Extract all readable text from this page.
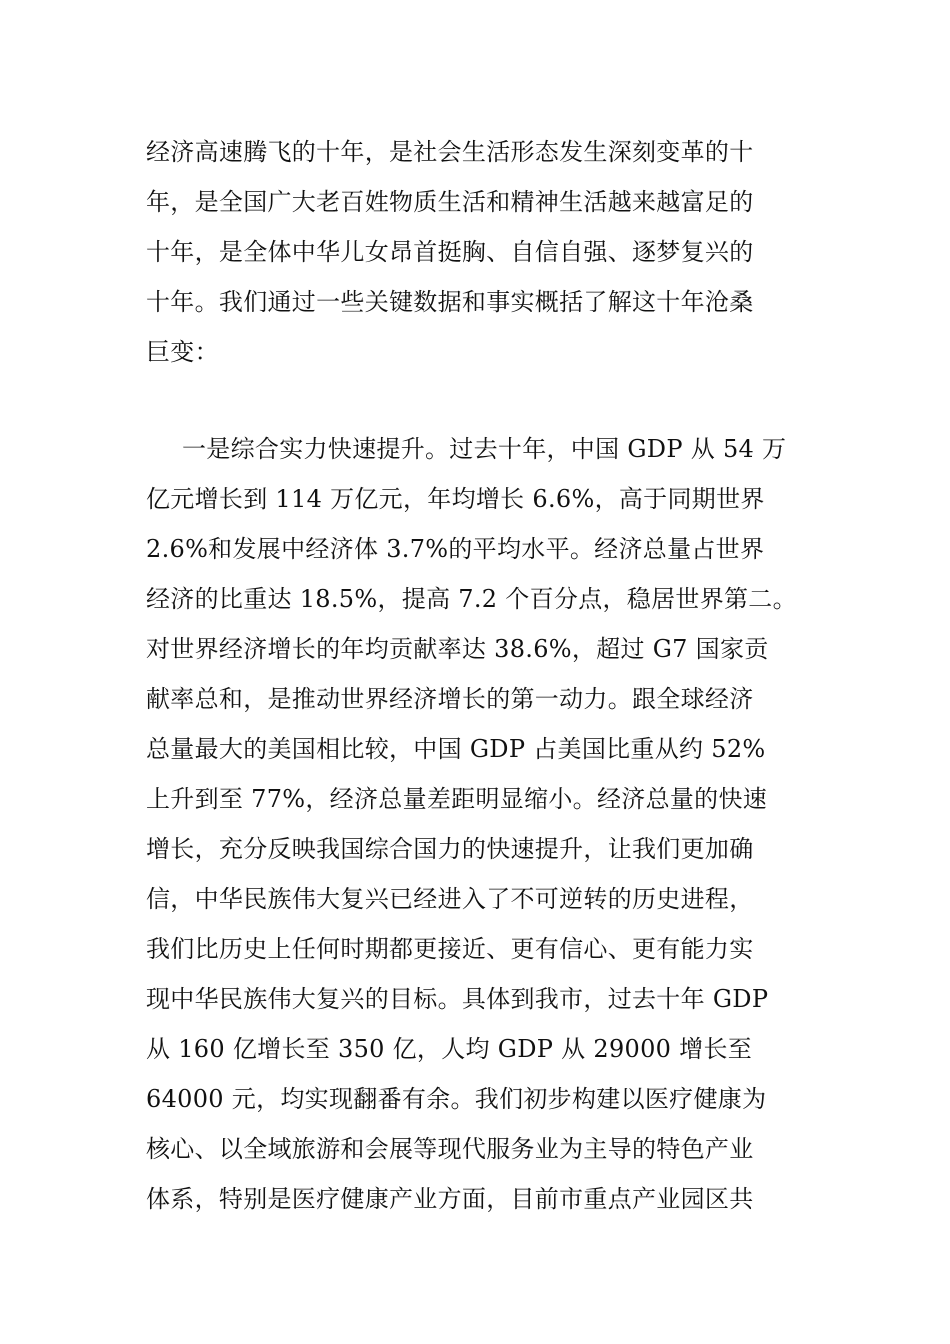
经济高速腾飞的十年，是社会生活形态发生深刻变革的十
年，是全国广大老百姓物质生活和精神生活越来越富足的
十年，是全体中华儿女昂首挺胸、自信自强、逐梦复兴的
十年。我们通过一些关键数据和事实概括了解这十年沧桑
巨变：
一是综合实力快速提升。过去十年，中国 GDP 从 54 万
亿元增长到 114 万亿元，年均增长 6.6%，高于同期世界
2.6%和发展中经济体 3.7%的平均水平。经济总量占世界
经济的比重达 18.5%，提高 7.2 个百分点，稳居世界第二。
对世界经济增长的年均贡献率达 38.6%，超过 G7 国家贡
献率总和，是推动世界经济增长的第一动力。跟全球经济
总量最大的美国相比较，中国 GDP 占美国比重从约 52%
上升到至 77%，经济总量差距明显缩小。经济总量的快速
增长，充分反映我国综合国力的快速提升，让我们更加确
信，中华民族伟大复兴已经进入了不可逆转的历史进程，
我们比历史上任何时期都更接近、更有信心、更有能力实
现中华民族伟大复兴的目标。具体到我市，过去十年 GDP
从 160 亿增长至 350 亿，人均 GDP 从 29000 增长至
64000 元，均实现翻番有余。我们初步构建以医疗健康为
核心、以全域旅游和会展等现代服务业为主导的特色产业
体系，特别是医疗健康产业方面，目前市重点产业园区共
